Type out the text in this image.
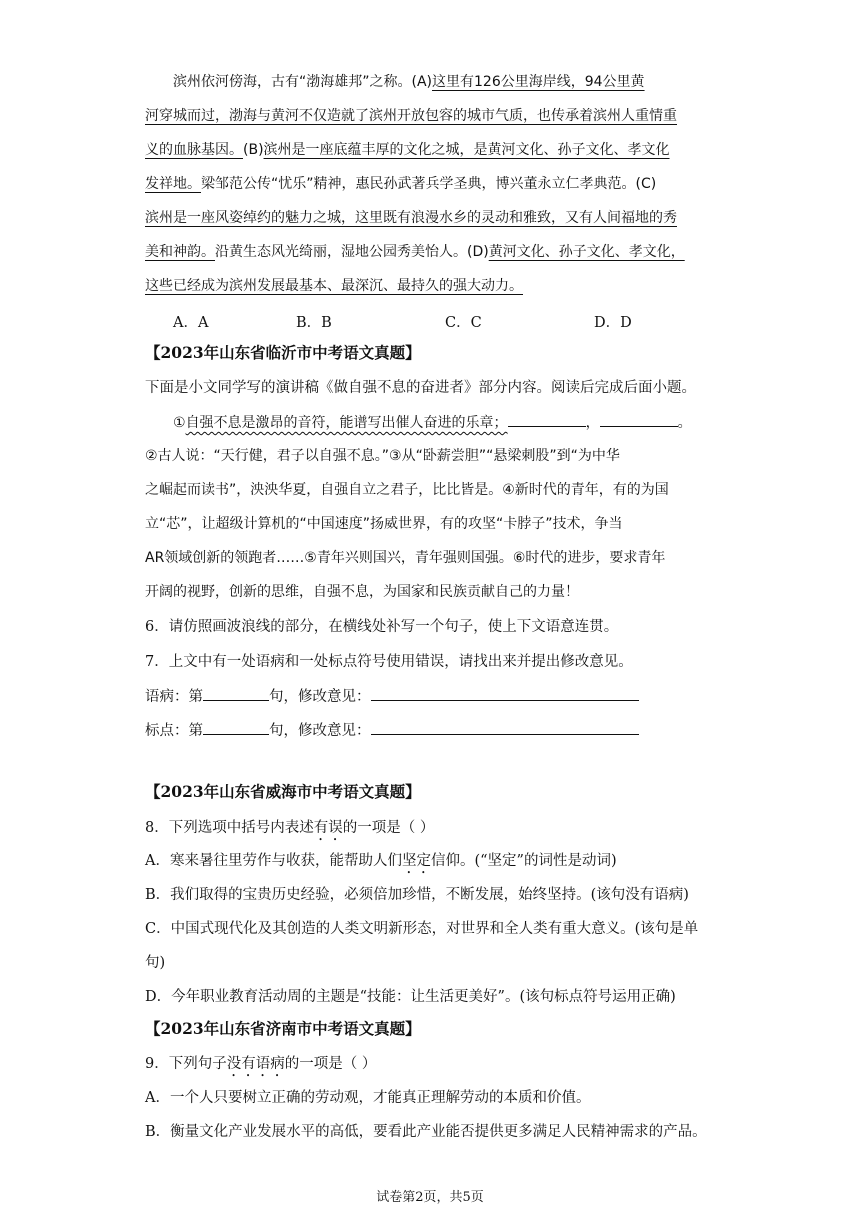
滨州依河傍海，古有“渤海雄邦”之称。(A)这里有126公里海岸线，94公里黄
河穿城而过，渤海与黄河不仅造就了滨州开放包容的城市气质，也传承着滨州人重情重
义的血脉基因。(B)滨州是一座底蕴丰厚的文化之城，是黄河文化、孙子文化、孝文化
发祥地。梁邹范公传“忧乐”精神，惠民孙武著兵学圣典，博兴董永立仁孝典范。(C)
滨州是一座风姿绰约的魅力之城，这里既有浪漫水乡的灵动和雅致，又有人间福地的秀
美和神韵。沿黄生态风光绮丽，湿地公园秀美怡人。(D)黄河文化、孙子文化、孝文化，
这些已经成为滨州发展最基本、最深沉、最持久的强大动力。
A．A	B．B	C．C	D．D
【2023年山东省临沂市中考语文真题】
下面是小文同学写的演讲稿《做自强不息的奋进者》部分内容。阅读后完成后面小题。
①自强不息是激昂的音符，能谱写出催人奋进的乐章；	，	。
②古人说：“天行健，君子以自强不息。”③从“卧薪尝胆”“悬梁刺股”到“为中华
之崛起而读书”，泱泱华夏，自强自立之君子，比比皆是。④新时代的青年，有的为国
立“芯”，让超级计算机的“中国速度”扬威世界，有的攻坚“卡脖子”技术，争当
AR领域创新的领跑者……⑤青年兴则国兴，青年强则国强。⑥时代的进步，要求青年
开阔的视野，创新的思维，自强不息，为国家和民族贡献自己的力量！
6．请仿照画波浪线的部分，在横线处补写一个句子，使上下文语意连贯。
7．上文中有一处语病和一处标点符号使用错误，请找出来并提出修改意见。
语病：第	句，修改意见：
标点：第	句，修改意见：
【2023年山东省威海市中考语文真题】
8．下列选项中括号内表述有误的一项是（ ）
A．寒来暑往里劳作与收获，能帮助人们坚定信仰。(“坚定”的词性是动词)
B．我们取得的宝贵历史经验，必须倍加珍惜，不断发展，始终坚持。(该句没有语病)
C．中国式现代化及其创造的人类文明新形态，对世界和全人类有重大意义。(该句是单
句)
D．今年职业教育活动周的主题是“技能：让生活更美好”。(该句标点符号运用正确)
【2023年山东省济南市中考语文真题】
9．下列句子没有语病的一项是（ ）
A．一个人只要树立正确的劳动观，才能真正理解劳动的本质和价值。
B．衡量文化产业发展水平的高低，要看此产业能否提供更多满足人民精神需求的产品。
试卷第2页，共5页
